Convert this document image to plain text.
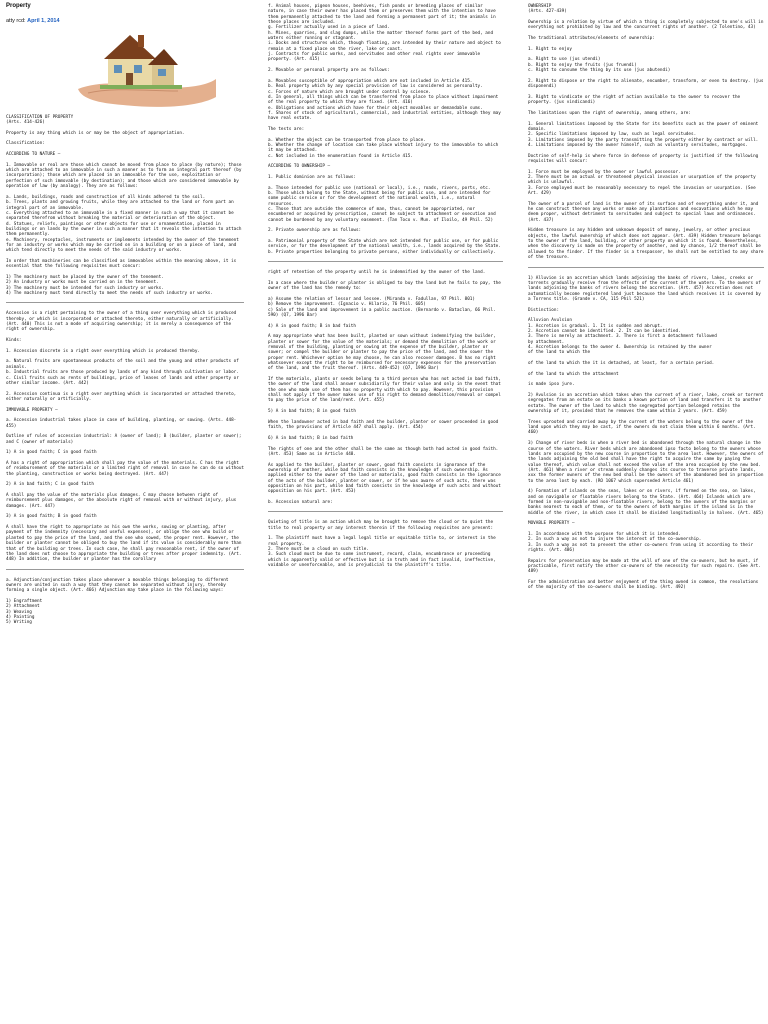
Property
atty rcd: April 1, 2014

CLASSIFICATION OF PROPERTY
(Arts. 414-426)

Property is any thing which is or may be the object of appropriation.

Classification:

ACCORDING TO NATURE –

1. Immovable or real are those which cannot be moved from place to place (by nature); those which are attached to an immovable in such a manner as to form an integral part thereof (by incorporation); those which are placed in an immovable for the use, exploitation or perfection of such immovable (by destination); and those which are considered immovable by operation of law (by analogy). They are as follows:

a. Lands, buildings, roads and construction of all kinds adhered to the soil.
b. Trees, plants and growing fruits, while they are attached to the land or form part an integral part of an immovable.
c. Everything attached to an immovable in a fixed manner in such a way that it cannot be separated therefrom without breaking the material or deterioration of the object.
d. Statues, reliefs, paintings or other objects for use or ornamentation, placed in buildings or on lands by the owner in such a manner that it reveals the intention to attach them permanently.
e. Machinery, receptacles, instruments or implements intended by the owner of the tenement for an industry or works which may be carried on in a building or on a piece of land, and which tend directly to meet the needs of the said industry or works.

In order that machineries can be classified as immovables within the meaning above, it is essential that the following requisites must concur:

1) The machinery must be placed by the owner of the tenement.
2) An industry or works must be carried on in the tenement.
3) The machinery must be intended for such industry or works.
4) The machinery must tend directly to meet the needs of such industry or works.

Accession is a right pertaining to the owner of a thing over everything which is produced thereby, or which is incorporated or attached thereto, either naturally or artificially. (Art. 440) This is not a mode of acquiring ownership; it is merely a consequence of the right of ownership.

Kinds:

1. Accession discrete is a right over everything which is produced thereby.

a. Natural fruits are spontaneous products of the soil and the young and other products of animals.
b. Industrial fruits are those produced by lands of any kind through cultivation or labor.
c. Civil fruits such as rents of buildings, price of leases of lands and other property or other similar income. (Art. 442)

2. Accession continua is a right over anything which is incorporated or attached thereto, either naturally or artificially.

IMMOVABLE PROPERTY –

a. Accession industrial takes place in case of building, planting, or sowing. (Arts. 448-455)

Outline of rules of accession industrial: A (owner of land); B (builder, planter or sower); and C (owner of materials)

1) A in good faith; C in good faith

A has a right of appropriation which shall pay the value of the materials. C has the right of reimbursement of the materials or a limited right of removal in case he can do so without the planting, construction or works being destroyed. (Art. 447)

2) A in bad faith; C in good faith

A shall pay the value of the materials plus damages. C may choose between right of reimbursement plus damages, or the absolute right of removal with or without injury, plus damages. (Art. 447)

3) A in good faith; B in good faith

A shall have the right to appropriate as his own the works, sowing or planting, after payment of the indemnity (necessary and useful expenses), or oblige the one who build or planted to pay the price of the land, and the one who sowed, the proper rent. However, the builder or planter cannot be obliged to buy the land if its value is considerably more than that of the building or trees. In such case, he shall pay reasonable rent, if the owner of the land does not choose to appropriate the building or trees after proper indemnity. (Art. 448) In addition, the builder or planter has the corollary

a. Adjunction/conjunction takes place whenever a movable things belonging to different owners are united in such a way that they cannot be separated without injury, thereby forming a single object. (Art. 466) Adjunction may take place in the following ways:

1) Engraftment
2) Attachment
3) Weaving
4) Painting
5) Writing

f. Animal houses, pigeon houses, beehives, fish ponds or breeding places of similar nature, in case their owner has placed them or preserves them with the intention to have them permanently attached to the land and forming a permanent part of it; the animals in these places are included.
g. Fertilizer actually used in a piece of land.
h. Mines, quarries, and slag dumps, while the matter thereof forms part of the bed, and waters either running or stagnant.
i. Docks and structures which, though floating, are intended by their nature and object to remain at a fixed place on the river, lake or coast.
j. Contracts for public works, and servitudes and other real rights over immovable property. (Art. 415)

2. Movable or personal property are as follows:

a. Movables susceptible of appropriation which are not included in Article 415.
b. Real property which by any special provision of law is considered as personalty.
c. Forces of nature which are brought under control by science.
d. In general, all things which can be transferred from place to place without impairment of the real property to which they are fixed. (Art. 416)
e. Obligations and actions which have for their object movables or demandable sums.
f. Shares of stock of agricultural, commercial, and industrial entities, although they may have real estate.

The tests are:

a. Whether the object can be transported from place to place.
b. Whether the change of location can take place without injury to the immovable to which it may be attached.
c. Not included in the enumeration found in Article 415.

ACCORDING TO OWNERSHIP –

1. Public dominion are as follows:

a. Those intended for public use (national or local), i.e., roads, rivers, ports, etc.
b. Those which belong to the State, without being for public use, and are intended for some public service or for the development of the national wealth, i.e., natural resources.
c. Those that are outside the commerce of man, thus, cannot be appropriated, nor encumbered or acquired by prescription, cannot be subject to attachment or execution and cannot be burdened by any voluntary easement. (Tan Toco v. Mun. of Iloilo, 49 Phil. 52)

2. Private ownership are as follows:

a. Patrimonial property of the State which are not intended for public use, or for public service, or for the development of the national wealth, i.e., lands acquired by the State.
b. Private properties belonging to private persons, either individually or collectively.

right of retention of the property until he is indemnified by the owner of the land.

In a case where the builder or planter is obliged to buy the land but he fails to pay, the owner of the land has the remedy to:

a) Assume the relation of lessor and lessee. (Miranda v. Fadullan, 97 Phil. 801)
b) Remove the improvement. (Ignacio v. Hilario, 76 Phil. 605)
c) Sale of the land and improvement in a public auction. (Bernardo v. Bataclan, 66 Phil. 590) (Q7, 1996 Bar)

4) A in good faith; B in bad faith

A may appropriate what has been built, planted or sown without indemnifying the builder, planter or sower for the value of the materials; or demand the demolition of the work or removal of the building, planting or sowing at the expense of the builder, planter or sower; or compel the builder or planter to pay the price of the land, and the sower the proper rent. Whichever option he may choose, he can also recover damages. B has no right whatsoever except the right to be reimbursed for necessary expenses for the preservation of the land, and the fruit thereof. (Arts. 449-452) (Q7, 1996 Bar)

If the materials, plants or seeds belong to a third person who has not acted in bad faith, the owner of the land shall answer subsidiarily for their value and only in the event that the one who made use of them has no property with which to pay. However, this provision shall not apply if the owner makes use of his right to demand demolition/removal or compel to pay the price of the land/rent. (Art. 455)

5) A in bad faith; B in good faith

When the landowner acted in bad faith and the builder, planter or sower proceeded in good faith, the provisions of Article 447 shall apply. (Art. 454)

6) A in bad faith; B in bad faith

The rights of one and the other shall be the same as though both had acted in good faith. (Art. 453) Same as in Article 448.

As applied to the builder, planter or sower, good faith consists in ignorance of the ownership of another, while bad faith consists in the knowledge of such ownership. As applied either to the owner of the land or materials, good faith consists in the ignorance of the acts of the builder, planter or sower, or if he was aware of such acts, there was opposition on his part, while bad faith consists in the knowledge of such acts and without opposition on his part. (Art. 453)

b. Accession natural are:

Quieting of title is an action which may be brought to remove the cloud or to quiet the title to real property or any interest therein if the following requisites are present:

1. The plaintiff must have a legal legal title or equitable title to, or interest in the real property.
2. There must be a cloud on such title.
3. Such cloud must be due to some instrument, record, claim, encumbrance or proceeding which is apparently valid or effective but is in truth and in fact invalid, ineffective, voidable or unenforceable, and is prejudicial to the plaintiff's title.

OWNERSHIP
(Arts. 427-439)

Ownership is a relation by virtue of which a thing is completely subjected to one's will in everything not prohibited by law and the concurrent rights of another. (2 Tolentino, 43)

The traditional attributes/elements of ownership:

1. Right to enjoy

a. Right to use (jus utendi)
b. Right to enjoy the fruits (jus fruendi)
c. Right to consume the thing by its use (jus abutendi)

2. Right to dispose or the right to alienate, encumber, transform, or even to destroy. (jus disponendi)

3. Right to vindicate or the right of action available to the owner to recover the property. (jus vindicandi)

The limitations upon the right of ownership, among others, are:

1. General limitations imposed by the State for its benefits such as the power of eminent domain.
2. Specific limitations imposed by law, such as legal servitudes.
3. Limitations imposed by the party transmitting the property either by contract or will.
4. Limitations imposed by the owner himself, such as voluntary servitudes, mortgages.

Doctrine of self-help is where force in defense of property is justified if the following requisites will concur:

1. Force must be employed by the owner or lawful possessor.
2. There must be an actual or threatened physical invasion or usurpation of the property which is unlawful.
3. Force employed must be reasonably necessary to repel the invasion or usurpation. (See Art. 429)

The owner of a parcel of land is the owner of its surface and of everything under it, and he can construct thereon any works or make any plantations and excavations which he may deem proper, without detriment to servitudes and subject to special laws and ordinances. (Art. 437)

Hidden treasure is any hidden and unknown deposit of money, jewelry, or other precious objects, the lawful ownership of which does not appear. (Art. 439) Hidden treasure belongs to the owner of the land, building, or other property on which it is found. Nevertheless, when the discovery is made on the property of another, and by chance, 1/2 thereof shall be allowed to the finder. If the finder is a trespasser, he shall not be entitled to any share of the treasure.

1) Alluvion is an accretion which lands adjoining the banks of rivers, lakes, creeks or torrents gradually receive from the effects of the current of the waters. To the owners of lands adjoining the banks of rivers belong the accretion. (Art. 457) Accretion does not automatically become registered land just because the land which receives it is covered by a Torrens title. (Grande v. CA, 115 Phil 521)

Distinction:

Alluvion Avulsion
1. Accretion is gradual. 1. It is sudden and abrupt.
2. Accretion cannot be identified. 2. It can be identified.
3. There is merely an attachment. 3. There is first a detachment followed
by attachment.
4. Accretion belongs to the owner 4. Ownership is retained by the owner
of the land to which the

of the land to which the it is detached, at least, for a certain period.

of the land to which the attachment

is made ipso jure.

2) Avulsion is an accretion which takes when the current of a river, lake, creek or torrent segregates from an estate on its banks a known portion of land and transfers it to another estate. The owner of the land to which the segregated portion belonged retains the ownership of it, provided that he removes the same within 2 years. (Art. 459)

Trees uprooted and carried away by the current of the waters belong to the owner of the land upon which they may be cast, if the owners do not claim them within 6 months. (Art. 460)

3) Change of river beds is when a river bed is abandoned through the natural change in the course of the waters. River beds which are abandoned ipso facto belong to the owners whose lands are occupied by the new course in proportion to the area lost. However, the owners of the lands adjoining the old bed shall have the right to acquire the same by paying the value thereof, which value shall not exceed the value of the area occupied by the new bed. (Art. 461) When a river or stream suddenly changes its course to traverse private lands, xxx the former owners of the new bed shall be the owners of the abandoned bed in proportion to the area lost by each. (RO 1067 which superseded Article 461)

4) Formation of islands on the seas, lakes or on rivers, if formed on the sea, on lakes, and on navigable or floatable rivers belong to the State. (Art. 464) Islands which are formed in non-navigable and non-floatable rivers, belong to the owners of the margins or banks nearest to each of them, or to the owners of both margins if the island is in the middle of the river, in which case it shall be divided longitudinally in halves. (Art. 465)

MOVABLE PROPERTY –

1. In accordance with the purpose for which it is intended.
2. In such a way as not to injure the interest of the co-ownership.
3. In such a way as not to prevent the other co-owners from using it according to their rights. (Art. 486)

Repairs for preservation may be made at the will of one of the co-owners, but he must, if practicable, first notify the other co-owners of the necessity for such repairs. (See Art. 489)

For the administration and better enjoyment of the thing owned in common, the resolutions of the majority of the co-owners shall be binding. (Art. 492)
